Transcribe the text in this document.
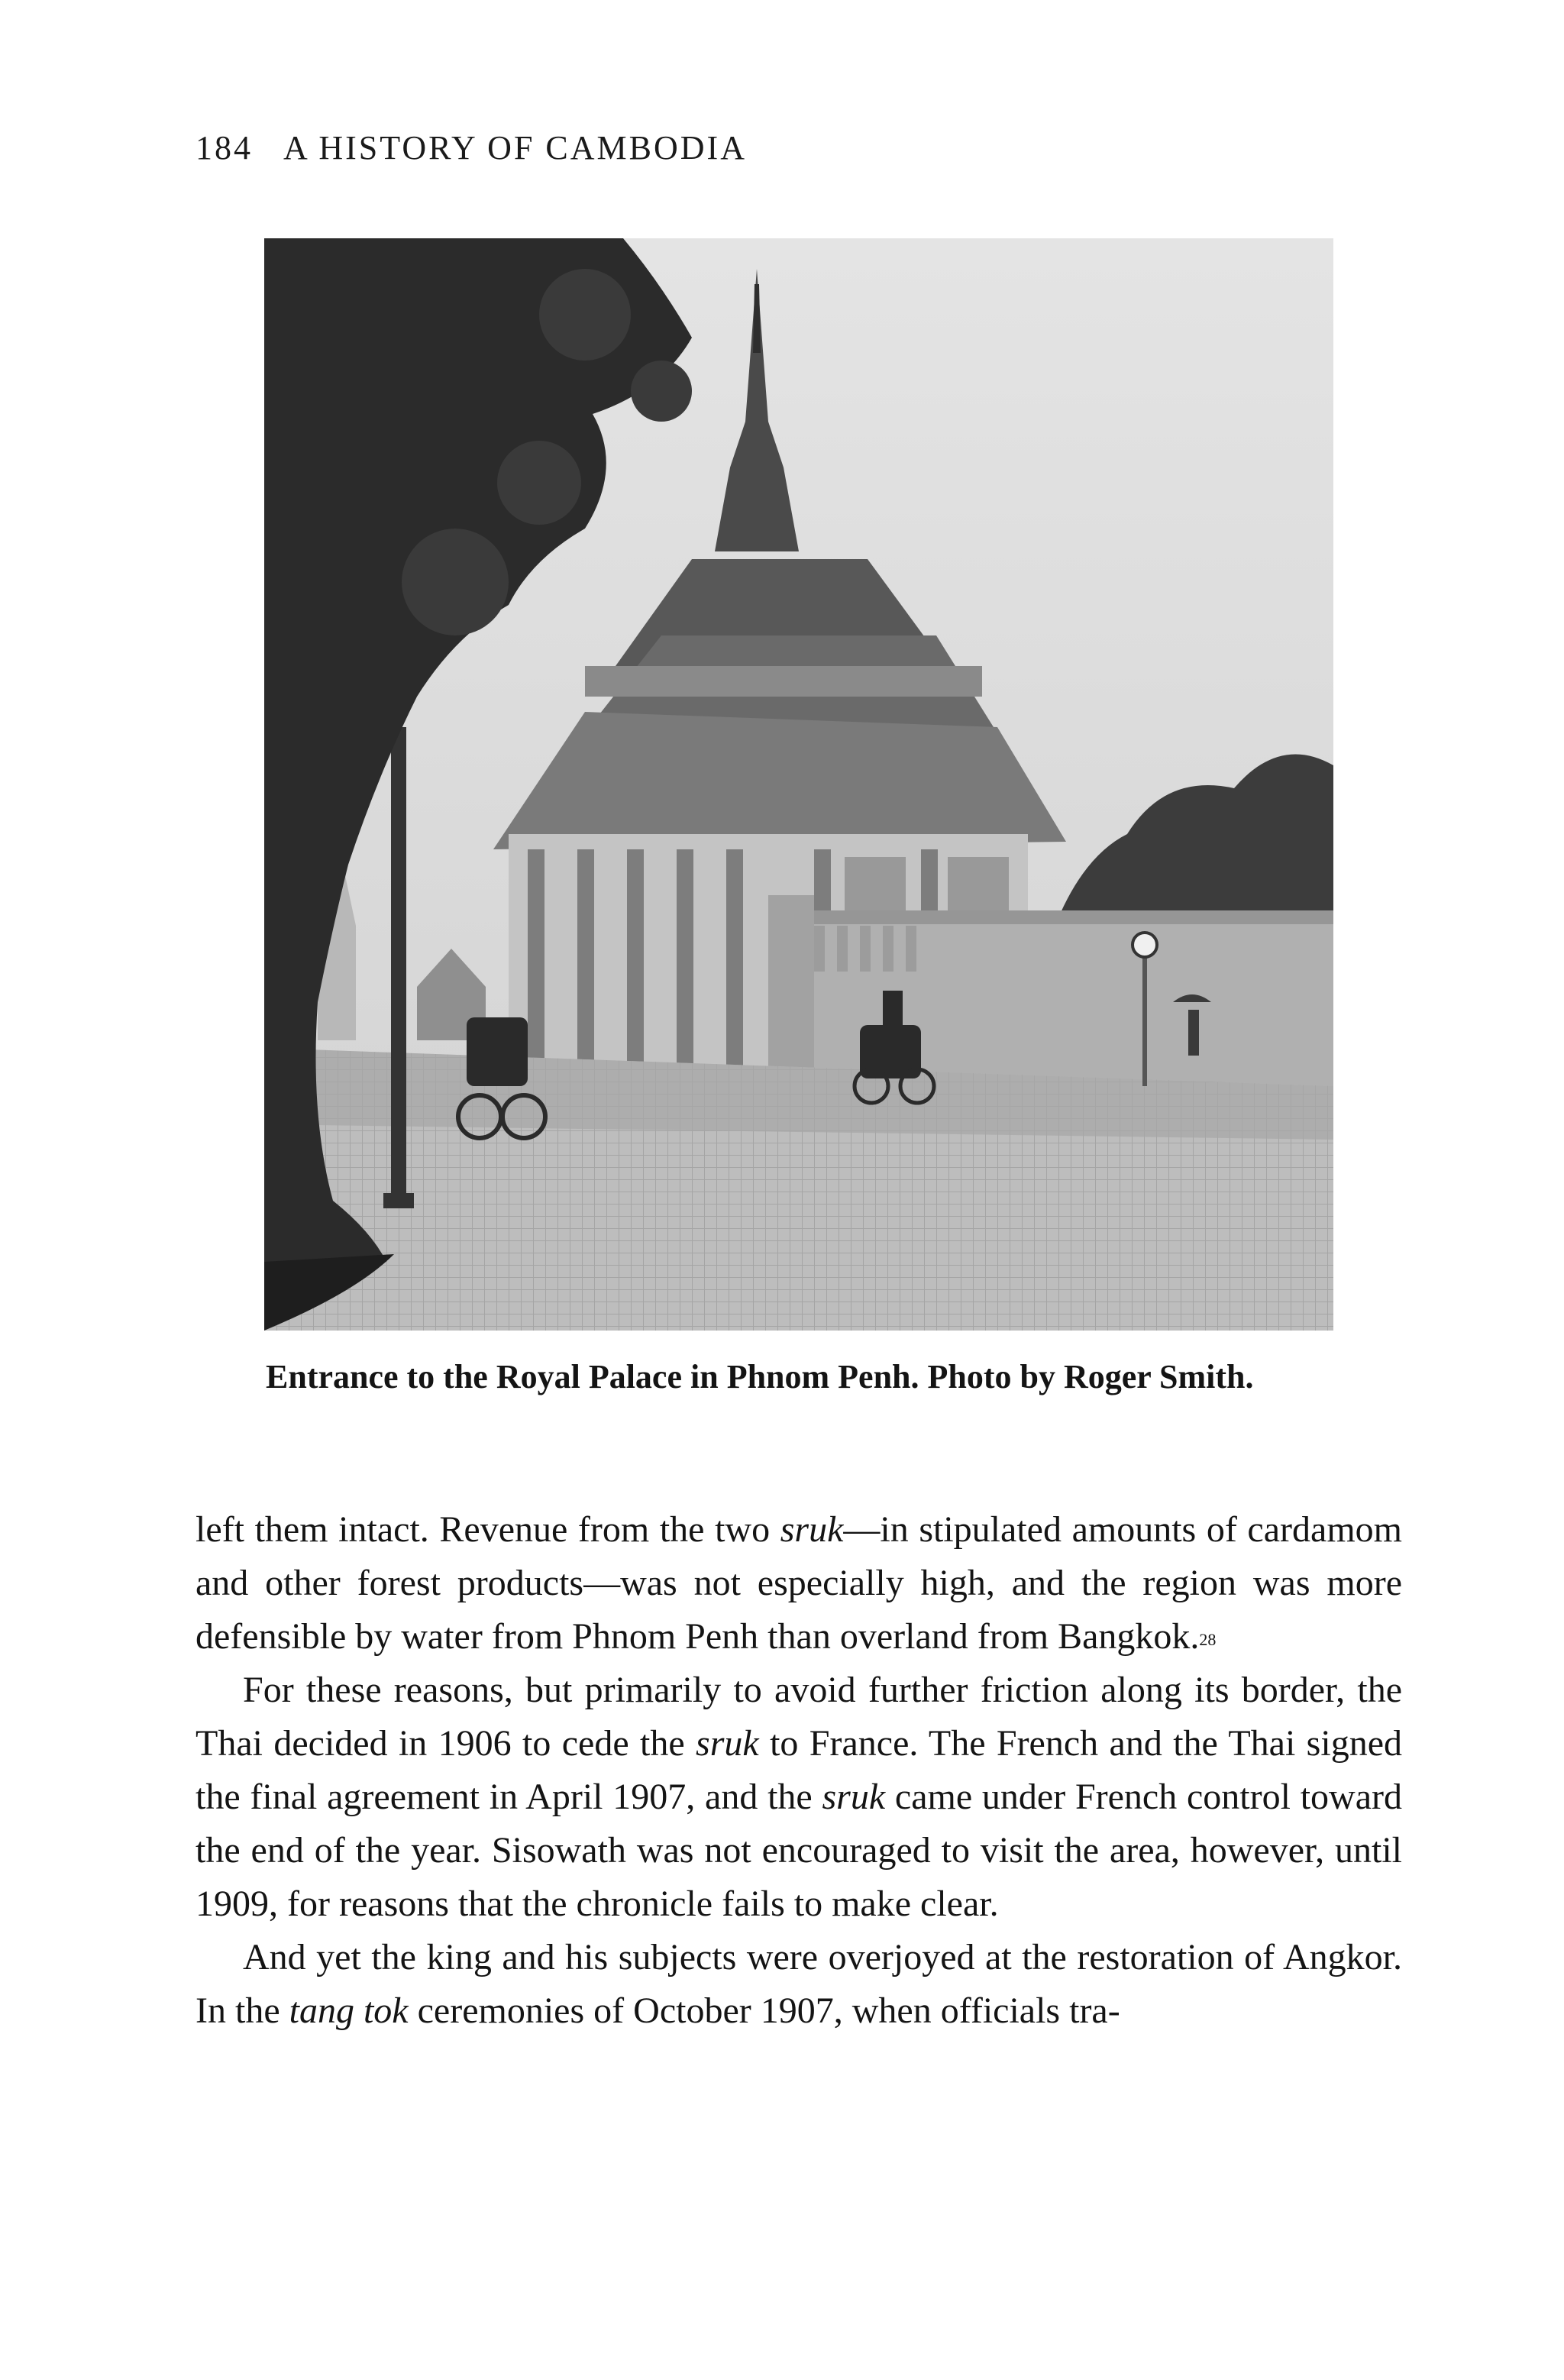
184 A HISTORY OF CAMBODIA
Entrance to the Royal Palace in Phnom Penh. Photo by Roger Smith.

left them intact. Revenue from the two sruk—in stipulated amounts of cardamom and other forest products—was not especially high, and the region was more defensible by water from Phnom Penh than overland from Bangkok.$^{28}$

For these reasons, but primarily to avoid further friction along its border, the Thai decided in 1906 to cede the sruk to France. The French and the Thai signed the final agreement in April 1907, and the sruk came under French control toward the end of the year. Sisowath was not encouraged to visit the area, however, until 1909, for reasons that the chronicle fails to make clear.

And yet the king and his subjects were overjoyed at the restoration of Angkor. In the tang tok ceremonies of October 1907, when officials tra-
